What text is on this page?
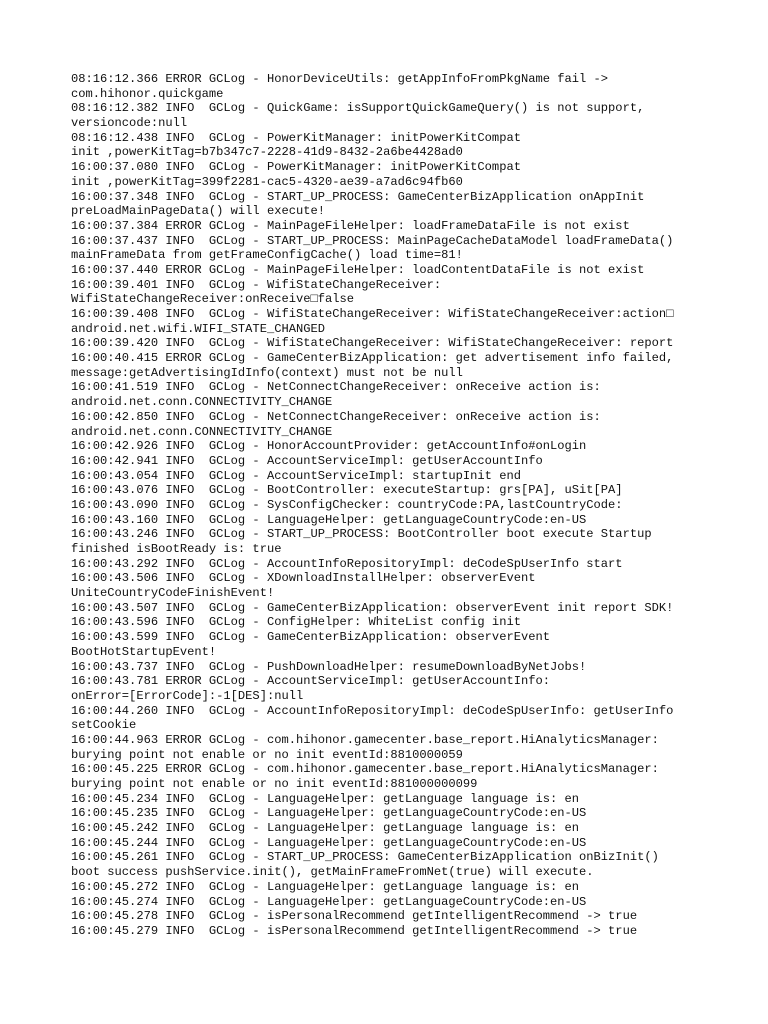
08:16:12.366 ERROR GCLog - HonorDeviceUtils: getAppInfoFromPkgName fail ->
com.hihonor.quickgame
08:16:12.382 INFO  GCLog - QuickGame: isSupportQuickGameQuery() is not support,
versioncode:null
08:16:12.438 INFO  GCLog - PowerKitManager: initPowerKitCompat
init ,powerKitTag=b7b347c7-2228-41d9-8432-2a6be4428ad0
16:00:37.080 INFO  GCLog - PowerKitManager: initPowerKitCompat
init ,powerKitTag=399f2281-cac5-4320-ae39-a7ad6c94fb60
16:00:37.348 INFO  GCLog - START_UP_PROCESS: GameCenterBizApplication onAppInit
preLoadMainPageData() will execute!
16:00:37.384 ERROR GCLog - MainPageFileHelper: loadFrameDataFile is not exist
16:00:37.437 INFO  GCLog - START_UP_PROCESS: MainPageCacheDataModel loadFrameData()
mainFrameData from getFrameConfigCache() load time=81!
16:00:37.440 ERROR GCLog - MainPageFileHelper: loadContentDataFile is not exist
16:00:39.401 INFO  GCLog - WifiStateChangeReceiver:
WifiStateChangeReceiver:onReceive□false
16:00:39.408 INFO  GCLog - WifiStateChangeReceiver: WifiStateChangeReceiver:action□
android.net.wifi.WIFI_STATE_CHANGED
16:00:39.420 INFO  GCLog - WifiStateChangeReceiver: WifiStateChangeReceiver: report
16:00:40.415 ERROR GCLog - GameCenterBizApplication: get advertisement info failed,
message:getAdvertisingIdInfo(context) must not be null
16:00:41.519 INFO  GCLog - NetConnectChangeReceiver: onReceive action is:
android.net.conn.CONNECTIVITY_CHANGE
16:00:42.850 INFO  GCLog - NetConnectChangeReceiver: onReceive action is:
android.net.conn.CONNECTIVITY_CHANGE
16:00:42.926 INFO  GCLog - HonorAccountProvider: getAccountInfo#onLogin
16:00:42.941 INFO  GCLog - AccountServiceImpl: getUserAccountInfo
16:00:43.054 INFO  GCLog - AccountServiceImpl: startupInit end
16:00:43.076 INFO  GCLog - BootController: executeStartup: grs[PA], uSit[PA]
16:00:43.090 INFO  GCLog - SysConfigChecker: countryCode:PA,lastCountryCode:
16:00:43.160 INFO  GCLog - LanguageHelper: getLanguageCountryCode:en-US
16:00:43.246 INFO  GCLog - START_UP_PROCESS: BootController boot execute Startup
finished isBootReady is: true
16:00:43.292 INFO  GCLog - AccountInfoRepositoryImpl: deCodeSpUserInfo start
16:00:43.506 INFO  GCLog - XDownloadInstallHelper: observerEvent
UniteCountryCodeFinishEvent!
16:00:43.507 INFO  GCLog - GameCenterBizApplication: observerEvent init report SDK!
16:00:43.596 INFO  GCLog - ConfigHelper: WhiteList config init
16:00:43.599 INFO  GCLog - GameCenterBizApplication: observerEvent
BootHotStartupEvent!
16:00:43.737 INFO  GCLog - PushDownloadHelper: resumeDownloadByNetJobs!
16:00:43.781 ERROR GCLog - AccountServiceImpl: getUserAccountInfo:
onError=[ErrorCode]:-1[DES]:null
16:00:44.260 INFO  GCLog - AccountInfoRepositoryImpl: deCodeSpUserInfo: getUserInfo
setCookie
16:00:44.963 ERROR GCLog - com.hihonor.gamecenter.base_report.HiAnalyticsManager:
burying point not enable or no init eventId:8810000059
16:00:45.225 ERROR GCLog - com.hihonor.gamecenter.base_report.HiAnalyticsManager:
burying point not enable or no init eventId:881000000099
16:00:45.234 INFO  GCLog - LanguageHelper: getLanguage language is: en
16:00:45.235 INFO  GCLog - LanguageHelper: getLanguageCountryCode:en-US
16:00:45.242 INFO  GCLog - LanguageHelper: getLanguage language is: en
16:00:45.244 INFO  GCLog - LanguageHelper: getLanguageCountryCode:en-US
16:00:45.261 INFO  GCLog - START_UP_PROCESS: GameCenterBizApplication onBizInit()
boot success pushService.init(), getMainFrameFromNet(true) will execute.
16:00:45.272 INFO  GCLog - LanguageHelper: getLanguage language is: en
16:00:45.274 INFO  GCLog - LanguageHelper: getLanguageCountryCode:en-US
16:00:45.278 INFO  GCLog - isPersonalRecommend getIntelligentRecommend -> true
16:00:45.279 INFO  GCLog - isPersonalRecommend getIntelligentRecommend -> true
